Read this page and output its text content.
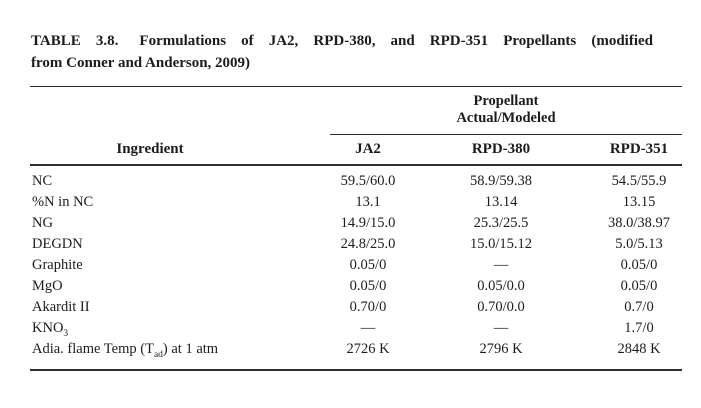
TABLE 3.8. Formulations of JA2, RPD-380, and RPD-351 Propellants (modified
from Conner and Anderson, 2009)
Ingredient
Propellant
Actual/Modeled
JA2	RPD-380	RPD-351
NC	59.5/60.0	58.9/59.38	54.5/55.9
%N in NC	13.1	13.14	13.15
NG	14.9/15.0	25.3/25.5	38.0/38.97
DEGDN	24.8/25.0	15.0/15.12	5.0/5.13
Graphite	0.05/0	—	0.05/0
MgO	0.05/0	0.05/0.0	0.05/0
Akardit II	0.70/0	0.70/0.0	0.7/0
$KNO_3$	—	—	1.7/0
Adia. flame Temp $(T_{ad})$ at 1 atm	2726 K	2796 K	2848 K
